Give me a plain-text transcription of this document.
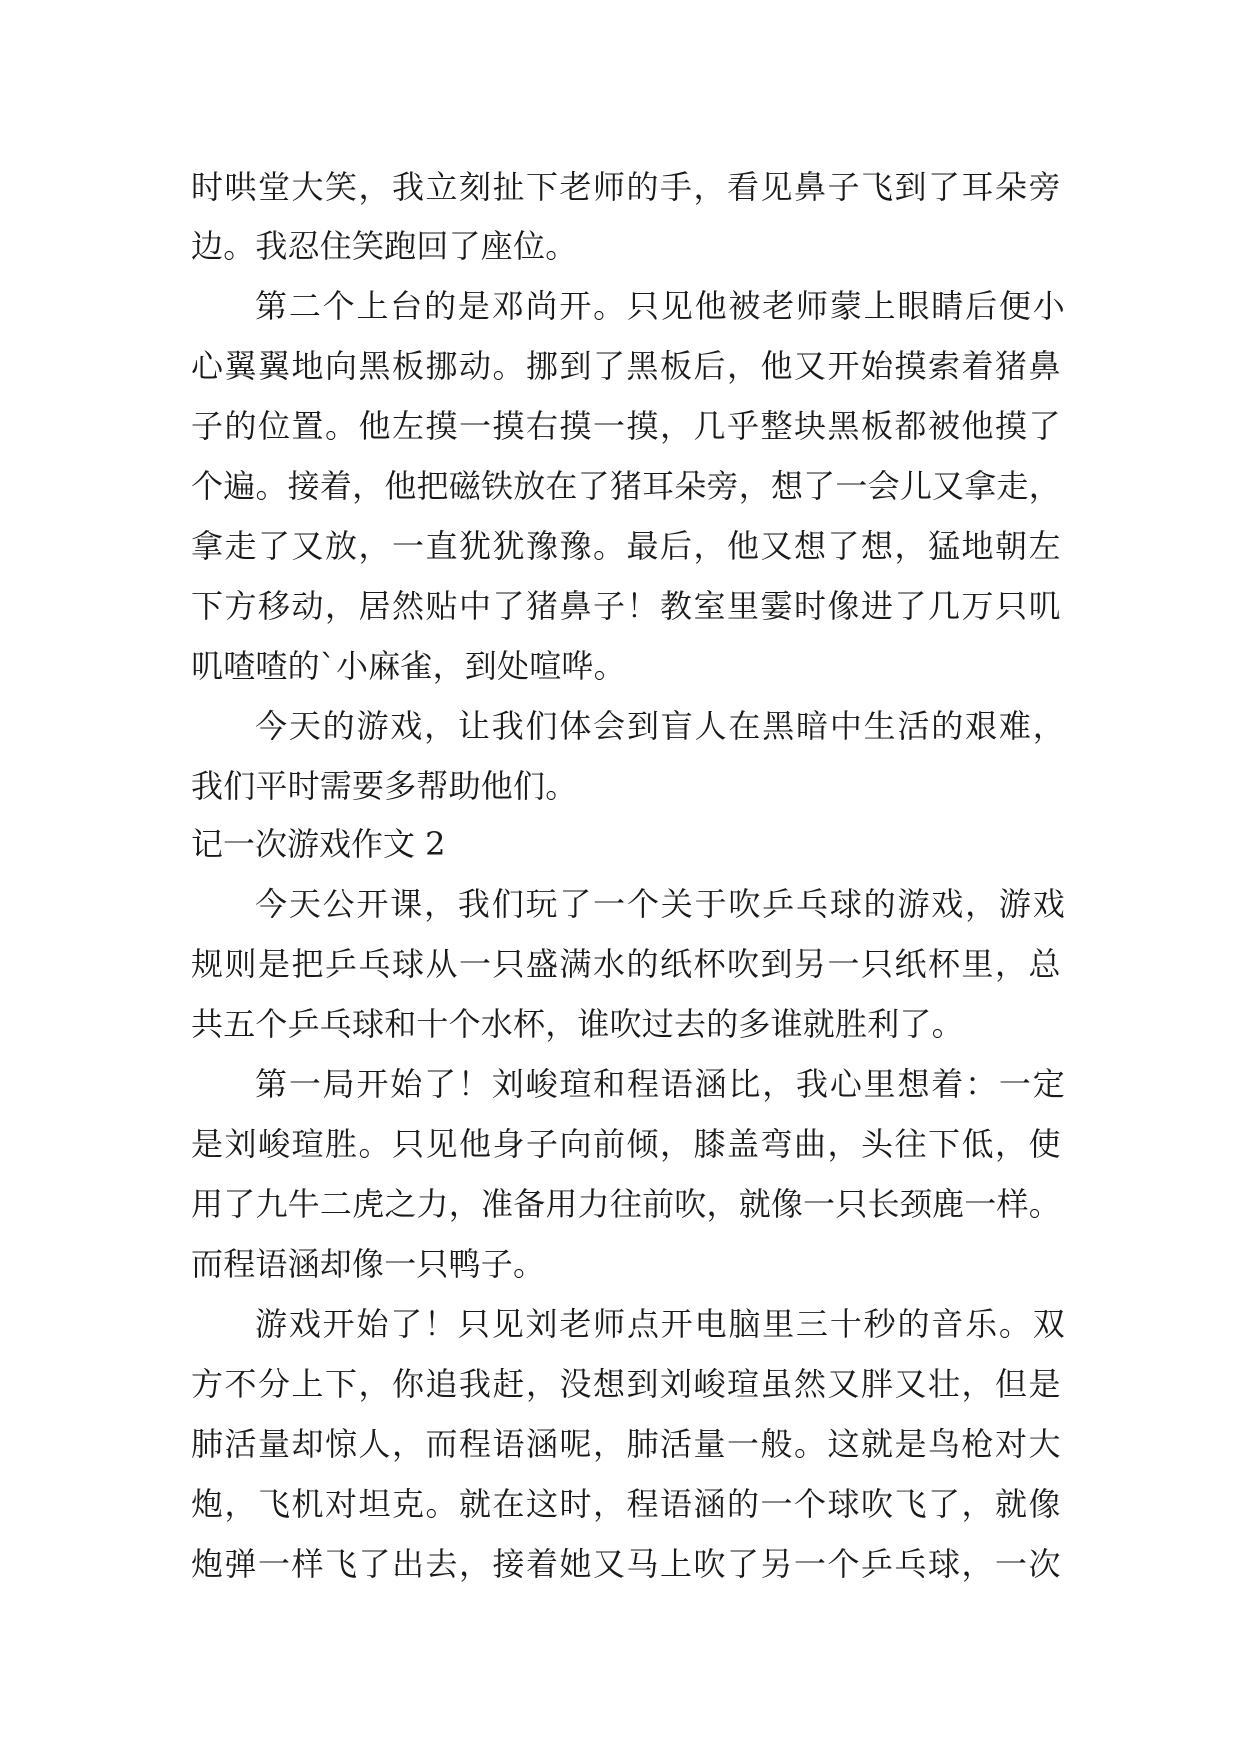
时 哄 堂 大 笑 ， 我 立 刻 扯 下 老 师 的 手 ， 看 见 鼻 子 飞 到 了 耳 朵 旁
边。我忍住笑跑回了座位。
第 二 个 上 台 的 是 邓 尚 开 。 只 见 他 被 老 师 蒙 上 眼 睛 后 便 小
心 翼 翼 地 向 黑 板 挪 动 。 挪 到 了 黑 板 后 ， 他 又 开 始 摸 索 着 猪 鼻
子 的 位 置 。 他 左 摸 一 摸 右 摸 一 摸 ， 几 乎 整 块 黑 板 都 被 他 摸 了
个 遍 。 接 着 ， 他 把 磁 铁 放 在 了 猪 耳 朵 旁 ， 想 了 一 会 儿 又 拿 走 ，
拿 走 了 又 放 ， 一 直 犹 犹 豫 豫 。 最 后 ， 他 又 想 了 想 ， 猛 地 朝 左
下 方 移 动 ， 居 然 贴 中 了 猪 鼻 子 ！ 教 室 里 霎 时 像 进 了 几 万 只 叽
叽喳喳的`小麻雀，到处喧哗。
今 天 的 游 戏 ， 让 我 们 体 会 到 盲 人 在 黑 暗 中 生 活 的 艰 难 ，
我们平时需要多帮助他们。
记一次游戏作文 2
今 天 公 开 课 ， 我 们 玩 了 一 个 关 于 吹 乒 乓 球 的 游 戏 ， 游 戏
规 则 是 把 乒 乓 球 从 一 只 盛 满 水 的 纸 杯 吹 到 另 一 只 纸 杯 里 ， 总
共五个乒乓球和十个水杯，谁吹过去的多谁就胜利了。
第 一 局 开 始 了 ！ 刘 峻 瑄 和 程 语 涵 比 ， 我 心 里 想 着 ： 一 定
是 刘 峻 瑄 胜 。 只 见 他 身 子 向 前 倾 ， 膝 盖 弯 曲 ， 头 往 下 低 ， 使
用 了 九 牛 二 虎 之 力 ， 准 备 用 力 往 前 吹 ， 就 像 一 只 长 颈 鹿 一 样 。
而程语涵却像一只鸭子。
游 戏 开 始 了 ！ 只 见 刘 老 师 点 开 电 脑 里 三 十 秒 的 音 乐 。 双
方 不 分 上 下 ， 你 追 我 赶 ， 没 想 到 刘 峻 瑄 虽 然 又 胖 又 壮 ， 但 是
肺 活 量 却 惊 人 ， 而 程 语 涵 呢 ， 肺 活 量 一 般 。 这 就 是 鸟 枪 对 大
炮 ， 飞 机 对 坦 克 。 就 在 这 时 ， 程 语 涵 的 一 个 球 吹 飞 了 ， 就 像
炮 弹 一 样 飞 了 出 去 ， 接 着 她 又 马 上 吹 了 另 一 个 乒 乓 球 ， 一 次
